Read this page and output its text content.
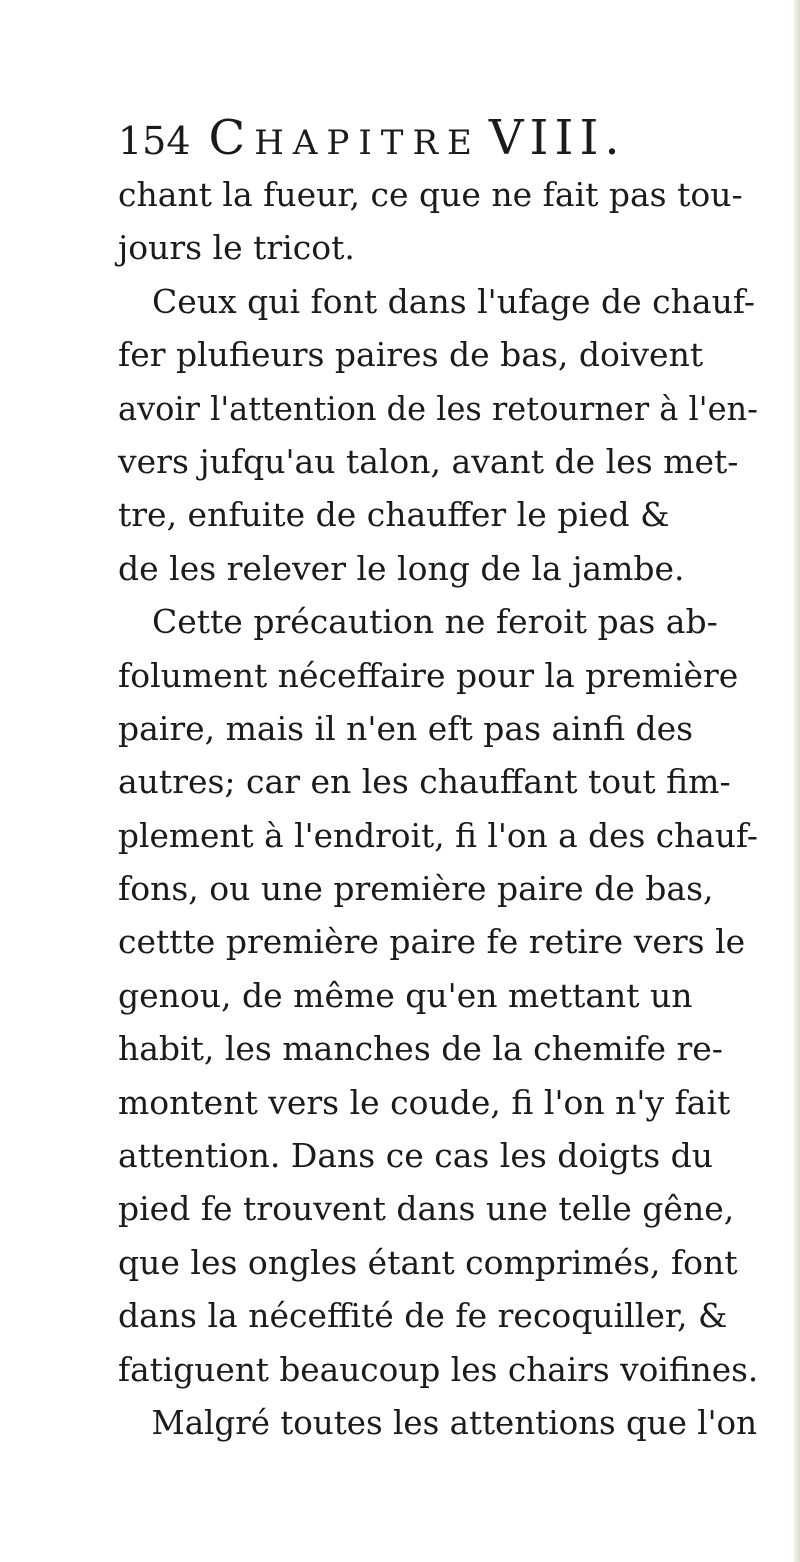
154 Chapitre VIII.
chant la fueur, ce que ne fait pas tou-
jours le tricot.
Ceux qui font dans l'ufage de chauf-
fer plufieurs paires de bas, doivent
avoir l'attention de les retourner à l'en-
vers jufqu'au talon, avant de les met-
tre, enfuite de chauffer le pied &
de les relever le long de la jambe.
Cette précaution ne feroit pas ab-
folument néceffaire pour la première
paire, mais il n'en eft pas ainfi des
autres; car en les chauffant tout fim-
plement à l'endroit, fi l'on a des chauf-
fons, ou une première paire de bas,
cettte première paire fe retire vers le
genou, de même qu'en mettant un
habit, les manches de la chemife re-
montent vers le coude, fi l'on n'y fait
attention. Dans ce cas les doigts du
pied fe trouvent dans une telle gêne,
que les ongles étant comprimés, font
dans la néceffité de fe recoquiller, &
fatiguent beaucoup les chairs voifines.
Malgré toutes les attentions que l'on
